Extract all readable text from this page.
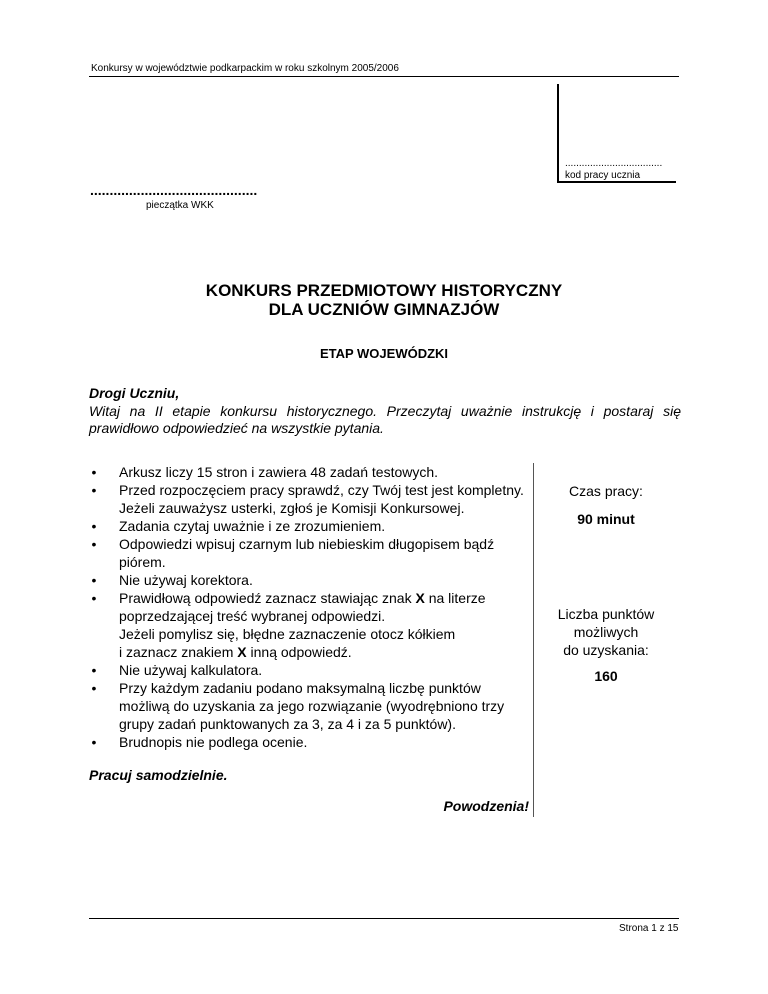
Konkursy w województwie podkarpackim w roku szkolnym 2005/2006
...................................
kod pracy ucznia
...........................................
pieczątka WKK
KONKURS PRZEDMIOTOWY HISTORYCZNY
DLA UCZNIÓW GIMNAZJÓW
ETAP WOJEWÓDZKI
Drogi Uczniu,
Witaj na II etapie konkursu historycznego. Przeczytaj uważnie instrukcję i postaraj się prawidłowo odpowiedzieć na wszystkie pytania.
• Arkusz liczy 15 stron i zawiera 48 zadań testowych.
• Przed rozpoczęciem pracy sprawdź, czy Twój test jest kompletny. Jeżeli zauważysz usterki, zgłoś je Komisji Konkursowej.
• Zadania czytaj uważnie i ze zrozumieniem.
• Odpowiedzi wpisuj czarnym lub niebieskim długopisem bądź piórem.
• Nie używaj korektora.
• Prawidłową odpowiedź zaznacz stawiając znak X na literze poprzedzającej treść wybranej odpowiedzi.
Jeżeli pomylisz się, błędne zaznaczenie otocz kółkiem
i zaznacz znakiem X inną odpowiedź.
• Nie używaj kalkulatora.
• Przy każdym zadaniu podano maksymalną liczbę punktów możliwą do uzyskania za jego rozwiązanie (wyodrębniono trzy grupy zadań punktowanych za 3, za 4 i za 5 punktów).
• Brudnopis nie podlega ocenie.
Czas pracy:
90 minut
Liczba punktów
możliwych
do uzyskania:
160
Pracuj samodzielnie.
Powodzenia!
Strona 1 z 15
